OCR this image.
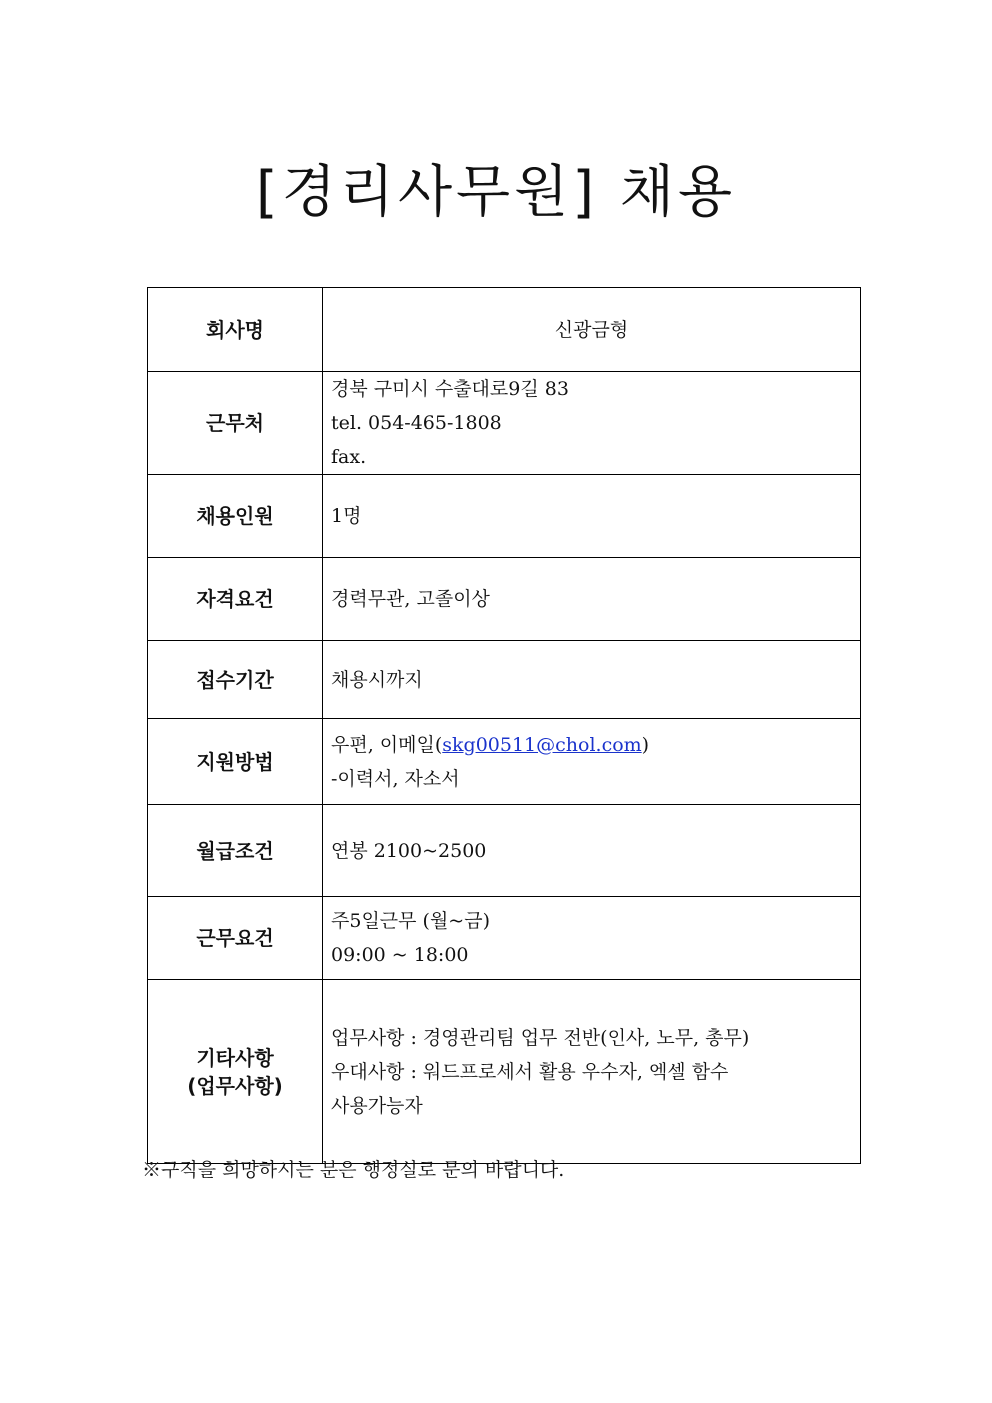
[경리사무원] 채용
회사명	신광금형
근무처	경북 구미시 수출대로9길 83
tel. 054-465-1808
fax.

채용인원	1명
자격요건	경력무관, 고졸이상
접수기간	채용시까지
지원방법	우편, 이메일(skg00511@chol.com)
-이력서, 자소서

월급조건	연봉 2100~2500
근무요건	주5일근무 (월~금)
09:00 ~ 18:00

기타사항
(업무사항)	업무사항 : 경영관리팀 업무 전반(인사, 노무, 총무)
우대사항 : 워드프로세서 활용 우수자, 엑셀 함수
사용가능자
※구직을 희망하시는 분은 행정실로 문의 바랍니다.
